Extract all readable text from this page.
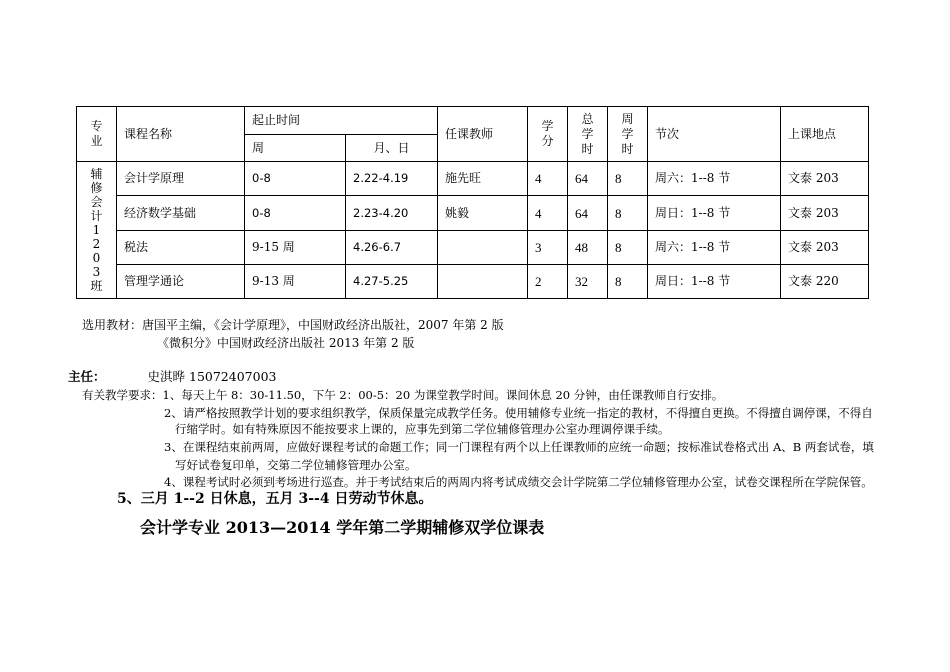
专业	课程名称	起止时间		任课教师	学分	总学时	周学时	节次	上课地点
		周	月、日						

辅修会计1203班	会计学原理	0-8	2.22-4.19	施先旺	4	64	8	周六：1--8 节	文泰 203
	经济数学基础	0-8	2.23-4.20	姚毅	4	64	8	周日：1--8 节	文泰 203
	税法	9-15 周	4.26-6.7		3	48	8	周六：1--8 节	文泰 203
	管理学通论	9-13 周	4.27-5.25		2	32	8	周日：1--8 节	文泰 220
选用教材：唐国平主编，《会计学原理》，中国财政经济出版社，2007 年第 2 版
《微积分》中国财政经济出版社 2013 年第 2 版
主任：	史淇晔 15072407003
有关教学要求：1、每天上午 8：30-11.50，下午 2：00-5：20 为课堂教学时间。课间休息 20 分钟，由任课教师自行安排。
2、请严格按照教学计划的要求组织教学，保质保量完成教学任务。使用辅修专业统一指定的教材，不得擅自更换。不得擅自调停课，不得自
行缩学时。如有特殊原因不能按要求上课的，应事先到第二学位辅修管理办公室办理调停课手续。
3、在课程结束前两周，应做好课程考试的命题工作；同一门课程有两个以上任课教师的应统一命题；按标准试卷格式出 A、B 两套试卷，填
写好试卷复印单，交第二学位辅修管理办公室。
4、课程考试时必须到考场进行巡查。并于考试结束后的两周内将考试成绩交会计学院第二学位辅修管理办公室，试卷交课程所在学院保管。
5、三月 1--2 日休息，五月 3--4 日劳动节休息。
会计学专业 2013—2014 学年第二学期辅修双学位课表
